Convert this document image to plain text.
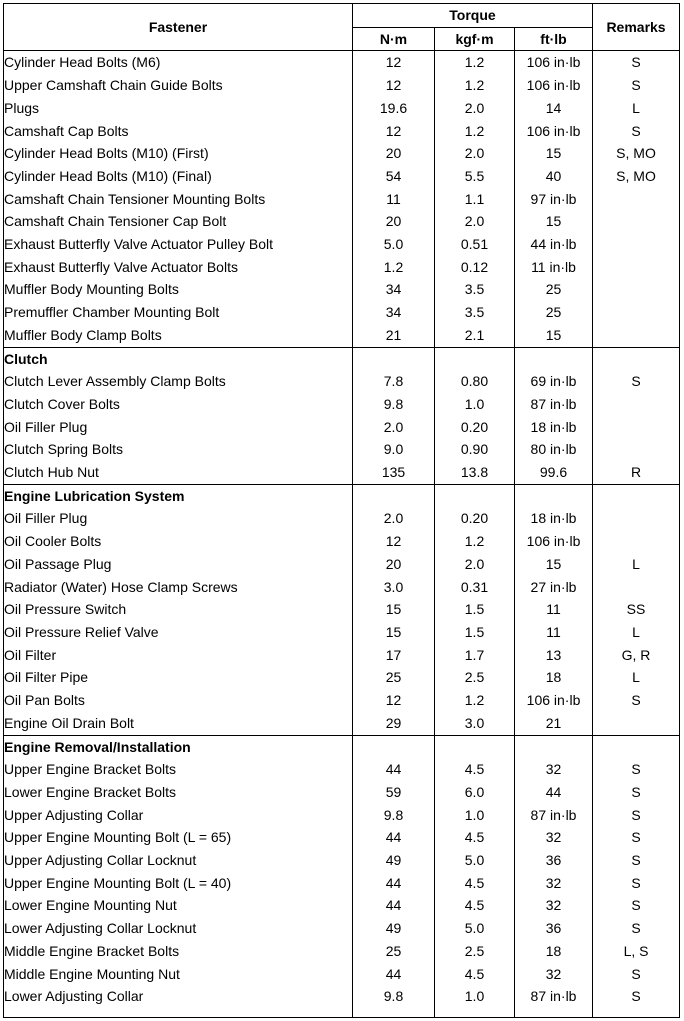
Fastener	Torque			Remarks
	N·m	kgf·m	ft·lb	
Cylinder Head Bolts (M6)	12	1.2	106 in·lb	S
Upper Camshaft Chain Guide Bolts	12	1.2	106 in·lb	S
Plugs	19.6	2.0	14	L
Camshaft Cap Bolts	12	1.2	106 in·lb	S
Cylinder Head Bolts (M10) (First)	20	2.0	15	S, MO
Cylinder Head Bolts (M10) (Final)	54	5.5	40	S, MO
Camshaft Chain Tensioner Mounting Bolts	11	1.1	97 in·lb	
Camshaft Chain Tensioner Cap Bolt	20	2.0	15	
Exhaust Butterfly Valve Actuator Pulley Bolt	5.0	0.51	44 in·lb	
Exhaust Butterfly Valve Actuator Bolts	1.2	0.12	11 in·lb	
Muffler Body Mounting Bolts	34	3.5	25	
Premuffler Chamber Mounting Bolt	34	3.5	25	
Muffler Body Clamp Bolts	21	2.1	15	
Clutch				
Clutch Lever Assembly Clamp Bolts	7.8	0.80	69 in·lb	S
Clutch Cover Bolts	9.8	1.0	87 in·lb	
Oil Filler Plug	2.0	0.20	18 in·lb	
Clutch Spring Bolts	9.0	0.90	80 in·lb	
Clutch Hub Nut	135	13.8	99.6	R
Engine Lubrication System				
Oil Filler Plug	2.0	0.20	18 in·lb	
Oil Cooler Bolts	12	1.2	106 in·lb	
Oil Passage Plug	20	2.0	15	L
Radiator (Water) Hose Clamp Screws	3.0	0.31	27 in·lb	
Oil Pressure Switch	15	1.5	11	SS
Oil Pressure Relief Valve	15	1.5	11	L
Oil Filter	17	1.7	13	G, R
Oil Filter Pipe	25	2.5	18	L
Oil Pan Bolts	12	1.2	106 in·lb	S
Engine Oil Drain Bolt	29	3.0	21	
Engine Removal/Installation				
Upper Engine Bracket Bolts	44	4.5	32	S
Lower Engine Bracket Bolts	59	6.0	44	S
Upper Adjusting Collar	9.8	1.0	87 in·lb	S
Upper Engine Mounting Bolt (L = 65)	44	4.5	32	S
Upper Adjusting Collar Locknut	49	5.0	36	S
Upper Engine Mounting Bolt (L = 40)	44	4.5	32	S
Lower Engine Mounting Nut	44	4.5	32	S
Lower Adjusting Collar Locknut	49	5.0	36	S
Middle Engine Bracket Bolts	25	2.5	18	L, S
Middle Engine Mounting Nut	44	4.5	32	S
Lower Adjusting Collar	9.8	1.0	87 in·lb	S
